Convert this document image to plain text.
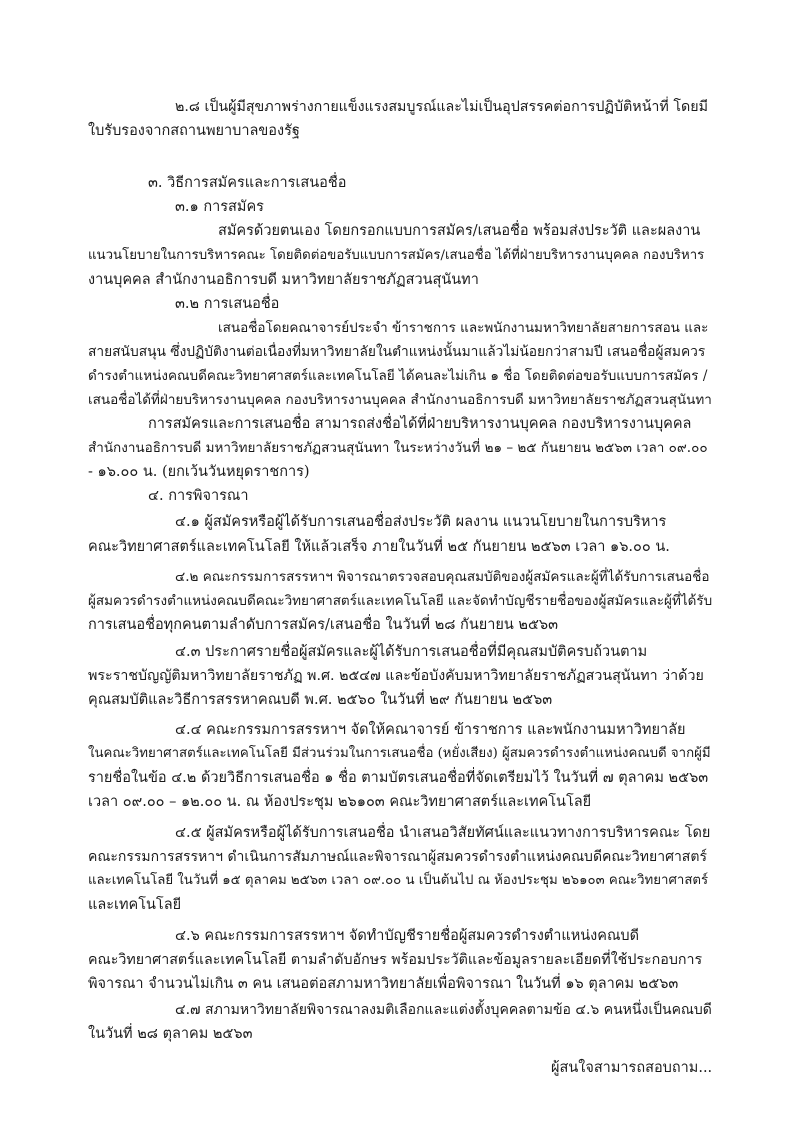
๒.๘ เป็นผู้มีสุขภาพร่างกายแข็งแรงสมบูรณ์และไม่เป็นอุปสรรคต่อการปฏิบัติหน้าที่ โดยมี
ใบรับรองจากสถานพยาบาลของรัฐ
๓. วิธีการสมัครและการเสนอชื่อ
๓.๑ การสมัคร
สมัครด้วยตนเอง โดยกรอกแบบการสมัคร/เสนอชื่อ พร้อมส่งประวัติ และผลงาน
แนวนโยบายในการบริหารคณะ โดยติดต่อขอรับแบบการสมัคร/เสนอชื่อ ได้ที่ฝ่ายบริหารงานบุคคล กองบริหาร
งานบุคคล สำนักงานอธิการบดี มหาวิทยาลัยราชภัฏสวนสุนันทา
๓.๒ การเสนอชื่อ
เสนอชื่อโดยคณาจารย์ประจำ ข้าราชการ และพนักงานมหาวิทยาลัยสายการสอน และ
สายสนับสนุน ซึ่งปฏิบัติงานต่อเนื่องที่มหาวิทยาลัยในตำแหน่งนั้นมาแล้วไม่น้อยกว่าสามปี เสนอชื่อผู้สมควร
ดำรงตำแหน่งคณบดีคณะวิทยาศาสตร์และเทคโนโลยี ได้คนละไม่เกิน ๑ ชื่อ โดยติดต่อขอรับแบบการสมัคร /
เสนอชื่อได้ที่ฝ่ายบริหารงานบุคคล กองบริหารงานบุคคล สำนักงานอธิการบดี มหาวิทยาลัยราชภัฏสวนสุนันทา
การสมัครและการเสนอชื่อ สามารถส่งชื่อได้ที่ฝ่ายบริหารงานบุคคล กองบริหารงานบุคคล
สำนักงานอธิการบดี มหาวิทยาลัยราชภัฏสวนสุนันทา ในระหว่างวันที่ ๒๑ – ๒๕ กันยายน ๒๕๖๓ เวลา ๐๙.๐๐
- ๑๖.๐๐ น. (ยกเว้นวันหยุดราชการ)
๔. การพิจารณา
๔.๑ ผู้สมัครหรือผู้ได้รับการเสนอชื่อส่งประวัติ ผลงาน แนวนโยบายในการบริหาร
คณะวิทยาศาสตร์และเทคโนโลยี ให้แล้วเสร็จ ภายในวันที่ ๒๕ กันยายน ๒๕๖๓ เวลา ๑๖.๐๐ น.
๔.๒ คณะกรรมการสรรหาฯ พิจารณาตรวจสอบคุณสมบัติของผู้สมัครและผู้ที่ได้รับการเสนอชื่อ
ผู้สมควรดำรงตำแหน่งคณบดีคณะวิทยาศาสตร์และเทคโนโลยี และจัดทำบัญชีรายชื่อของผู้สมัครและผู้ที่ได้รับ
การเสนอชื่อทุกคนตามลำดับการสมัคร/เสนอชื่อ ในวันที่ ๒๘ กันยายน ๒๕๖๓
๔.๓ ประกาศรายชื่อผู้สมัครและผู้ได้รับการเสนอชื่อที่มีคุณสมบัติครบถ้วนตาม
พระราชบัญญัติมหาวิทยาลัยราชภัฏ พ.ศ. ๒๕๔๗ และข้อบังคับมหาวิทยาลัยราชภัฏสวนสุนันทา ว่าด้วย
คุณสมบัติและวิธีการสรรหาคณบดี พ.ศ. ๒๕๖๐ ในวันที่ ๒๙ กันยายน ๒๕๖๓
๔.๔ คณะกรรมการสรรหาฯ จัดให้คณาจารย์ ข้าราชการ และพนักงานมหาวิทยาลัย
ในคณะวิทยาศาสตร์และเทคโนโลยี มีส่วนร่วมในการเสนอชื่อ (หยั่งเสียง) ผู้สมควรดำรงตำแหน่งคณบดี จากผู้มี
รายชื่อในข้อ ๔.๒ ด้วยวิธีการเสนอชื่อ ๑ ชื่อ ตามบัตรเสนอชื่อที่จัดเตรียมไว้ ในวันที่ ๗ ตุลาคม ๒๕๖๓
เวลา ๐๙.๐๐ – ๑๒.๐๐ น. ณ ห้องประชุม ๒๖๑๐๓ คณะวิทยาศาสตร์และเทคโนโลยี
๔.๕ ผู้สมัครหรือผู้ได้รับการเสนอชื่อ นำเสนอวิสัยทัศน์และแนวทางการบริหารคณะ โดย
คณะกรรมการสรรหาฯ ดำเนินการสัมภาษณ์และพิจารณาผู้สมควรดำรงตำแหน่งคณบดีคณะวิทยาศาสตร์
และเทคโนโลยี ในวันที่ ๑๕ ตุลาคม ๒๕๖๓ เวลา ๐๙.๐๐ น เป็นต้นไป ณ ห้องประชุม ๒๖๑๐๓ คณะวิทยาศาสตร์
และเทคโนโลยี
๔.๖ คณะกรรมการสรรหาฯ จัดทำบัญชีรายชื่อผู้สมควรดำรงตำแหน่งคณบดี
คณะวิทยาศาสตร์และเทคโนโลยี ตามลำดับอักษร พร้อมประวัติและข้อมูลรายละเอียดที่ใช้ประกอบการ
พิจารณา จำนวนไม่เกิน ๓ คน เสนอต่อสภามหาวิทยาลัยเพื่อพิจารณา ในวันที่ ๑๖ ตุลาคม ๒๕๖๓
๔.๗ สภามหาวิทยาลัยพิจารณาลงมติเลือกและแต่งตั้งบุคคลตามข้อ ๔.๖ คนหนึ่งเป็นคณบดี
ในวันที่ ๒๘ ตุลาคม ๒๕๖๓
ผู้สนใจสามารถสอบถาม...
